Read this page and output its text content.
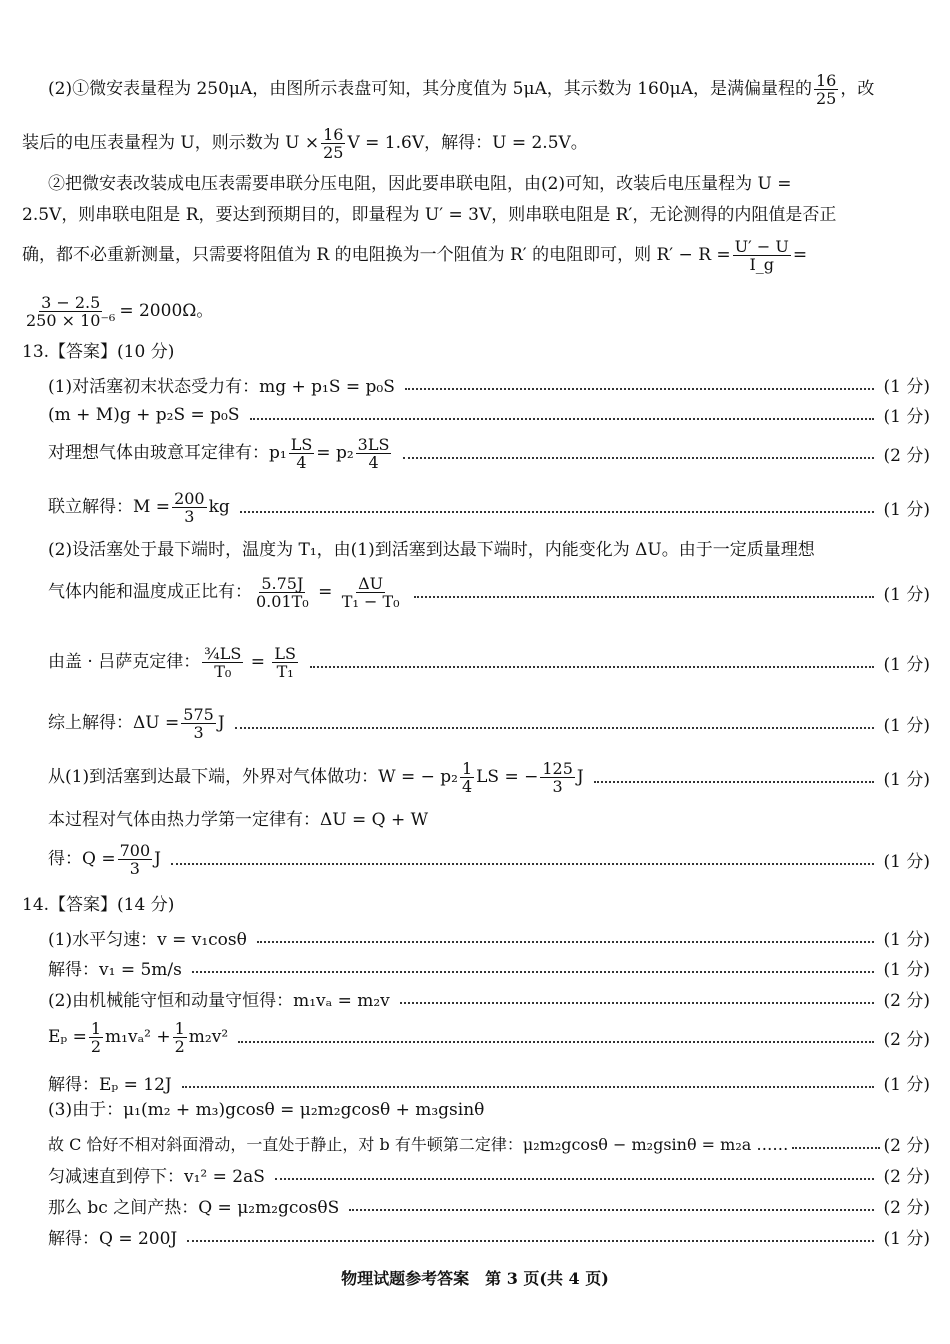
(2)①微安表量程为 250μA，由图所示表盘可知，其分度值为 5μA，其示数为 160μA，是满偏量程的 $\frac{16}{25}$ ，改
装后的电压表量程为 U，则示数为 $U \times \frac{16}{25}$ V = 1.6V，解得：U = 2.5V。
②把微安表改装成电压表需要串联分压电阻，因此要串联电阻，由(2)可知，改装后电压量程为 U =
2.5V，则串联电阻是 R，要达到预期目的，即量程为 U′ = 3V，则串联电阻是 R′，无论测得的内阻值是否正
确，都不必重新测量，只需要将阻值为 R 的电阻换为一个阻值为 R′ 的电阻即可，则 $R' - R = \frac{U' - U}{I\_g}$ =
$\frac{3 - 2.5}{\text{250 × 10⁻⁶}} = 2000\Omega$。
13.【答案】(10 分)
(1)对活塞初末状态受力有：mg + p₁S = p₀S	(1 分)
(m + M)g + p₂S = p₀S	(1 分)
对理想气体由玻意耳定律有：$p_1 \frac{LS}{4} = p_2 \frac{3LS}{4}$	(2 分)
联立解得：$M = \frac{200}{3}$ kg	(1 分)
(2)设活塞处于最下端时，温度为 T₁，由(1)到活塞到达最下端时，内能变化为 ΔU。由于一定质量理想
气体内能和温度成正比有： $\frac{5.75J}{\text{0.01T₀}} = \frac{\Delta U}{\text{T₁ − T₀}}$	(1 分)
由盖 · 吕萨克定律： $\frac{\text{¾LS}}{\text{T₀}} = \frac{LS}{\text{T₁}}$	(1 分)
综上解得：$\Delta U = \frac{575}{3}$ J	(1 分)
从(1)到活塞到达最下端，外界对气体做功：W = − $p_2 \frac{1}{4}$ LS = − $\frac{125}{3}$ J	(1 分)
本过程对气体由热力学第一定律有：ΔU = Q + W
得：$Q = \frac{700}{3}$ J	(1 分)
14.【答案】(14 分)
(1)水平匀速：v = v₁cosθ	(1 分)
解得：v₁ = 5m/s	(1 分)
(2)由机械能守恒和动量守恒得：m₁vₐ = m₂v	(2 分)
$E_p = \frac{1}{2} m_1v_a^2 + \frac{1}{2} m_2v^2$	(2 分)
解得：Eₚ = 12J	(1 分)
(3)由于：μ₁(m₂ + m₃)gcosθ = μ₂m₂gcosθ + m₃gsinθ
故 C 恰好不相对斜面滑动，一直处于静止，对 b 有牛顿第二定律：μ₂m₂gcosθ − m₂gsinθ = m₂a ……	(2 分)
匀减速直到停下：v₁² = 2aS	(2 分)
那么 bc 之间产热：Q = μ₂m₂gcosθS	(2 分)
解得：Q = 200J	(1 分)
物理试题参考答案　第 3 页(共 4 页)
